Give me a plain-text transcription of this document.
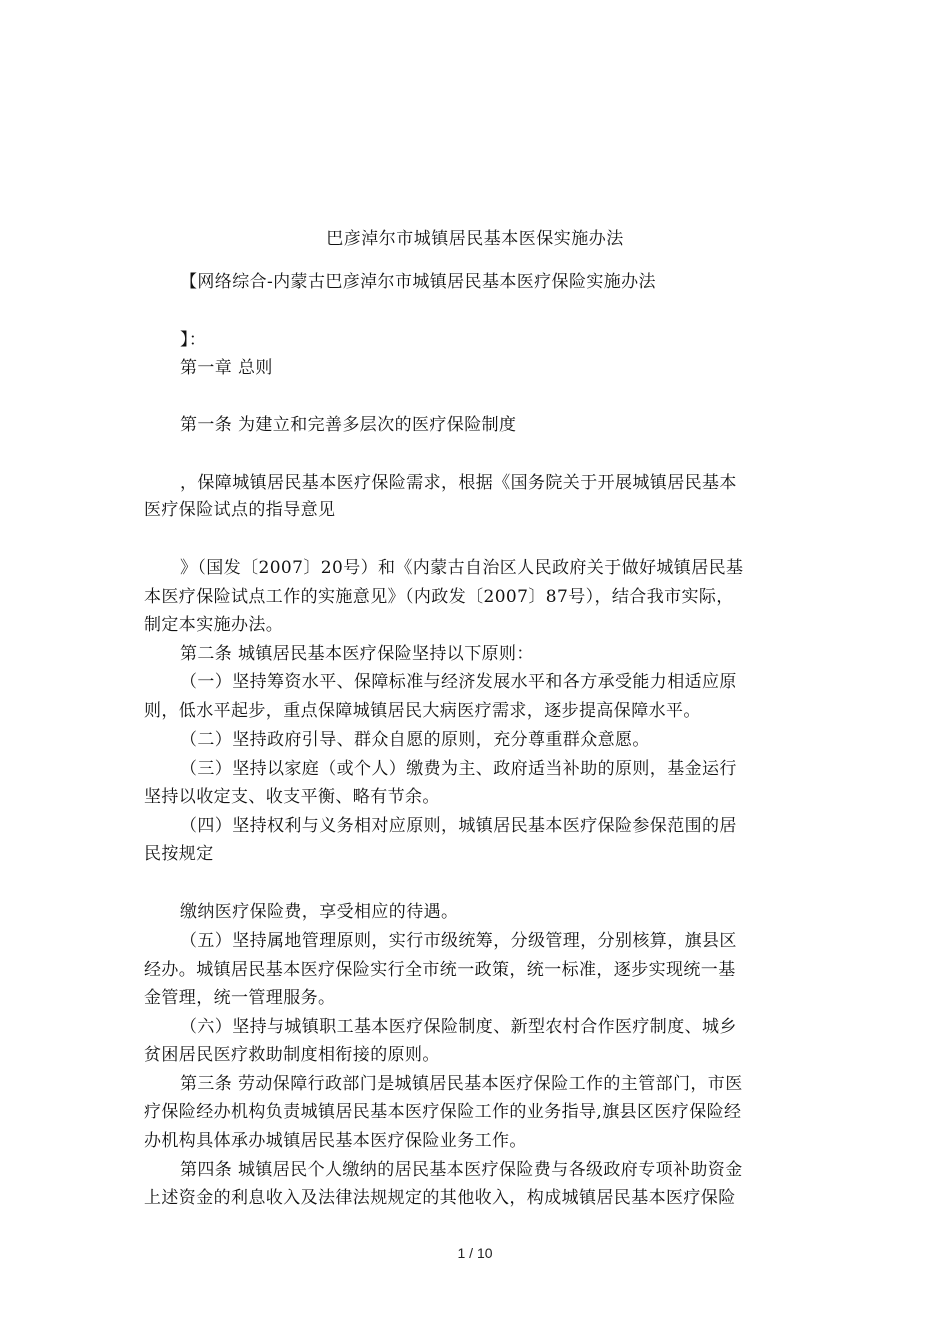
巴彦淖尔市城镇居民基本医保实施办法
【网络综合-内蒙古巴彦淖尔市城镇居民基本医疗保险实施办法
】：
第一章 总则
第一条 为建立和完善多层次的医疗保险制度
，保障城镇居民基本医疗保险需求，根据《国务院关于开展城镇居民基本
医疗保险试点的指导意见
》（国发〔2007〕20号）和《内蒙古自治区人民政府关于做好城镇居民基
本医疗保险试点工作的实施意见》（内政发〔2007〕87号），结合我市实际，
制定本实施办法。
第二条 城镇居民基本医疗保险坚持以下原则：
（一）坚持筹资水平、保障标准与经济发展水平和各方承受能力相适应原
则，低水平起步，重点保障城镇居民大病医疗需求，逐步提高保障水平。
（二）坚持政府引导、群众自愿的原则，充分尊重群众意愿。
（三）坚持以家庭（或个人）缴费为主、政府适当补助的原则，基金运行
坚持以收定支、收支平衡、略有节余。
（四）坚持权利与义务相对应原则，城镇居民基本医疗保险参保范围的居
民按规定
缴纳医疗保险费，享受相应的待遇。
（五）坚持属地管理原则，实行市级统筹，分级管理，分别核算，旗县区
经办。城镇居民基本医疗保险实行全市统一政策，统一标准，逐步实现统一基
金管理，统一管理服务。
（六）坚持与城镇职工基本医疗保险制度、新型农村合作医疗制度、城乡
贫困居民医疗救助制度相衔接的原则。
第三条 劳动保障行政部门是城镇居民基本医疗保险工作的主管部门，市医
疗保险经办机构负责城镇居民基本医疗保险工作的业务指导,旗县区医疗保险经
办机构具体承办城镇居民基本医疗保险业务工作。
第四条 城镇居民个人缴纳的居民基本医疗保险费与各级政府专项补助资金
上述资金的利息收入及法律法规规定的其他收入，构成城镇居民基本医疗保险
1 / 10
